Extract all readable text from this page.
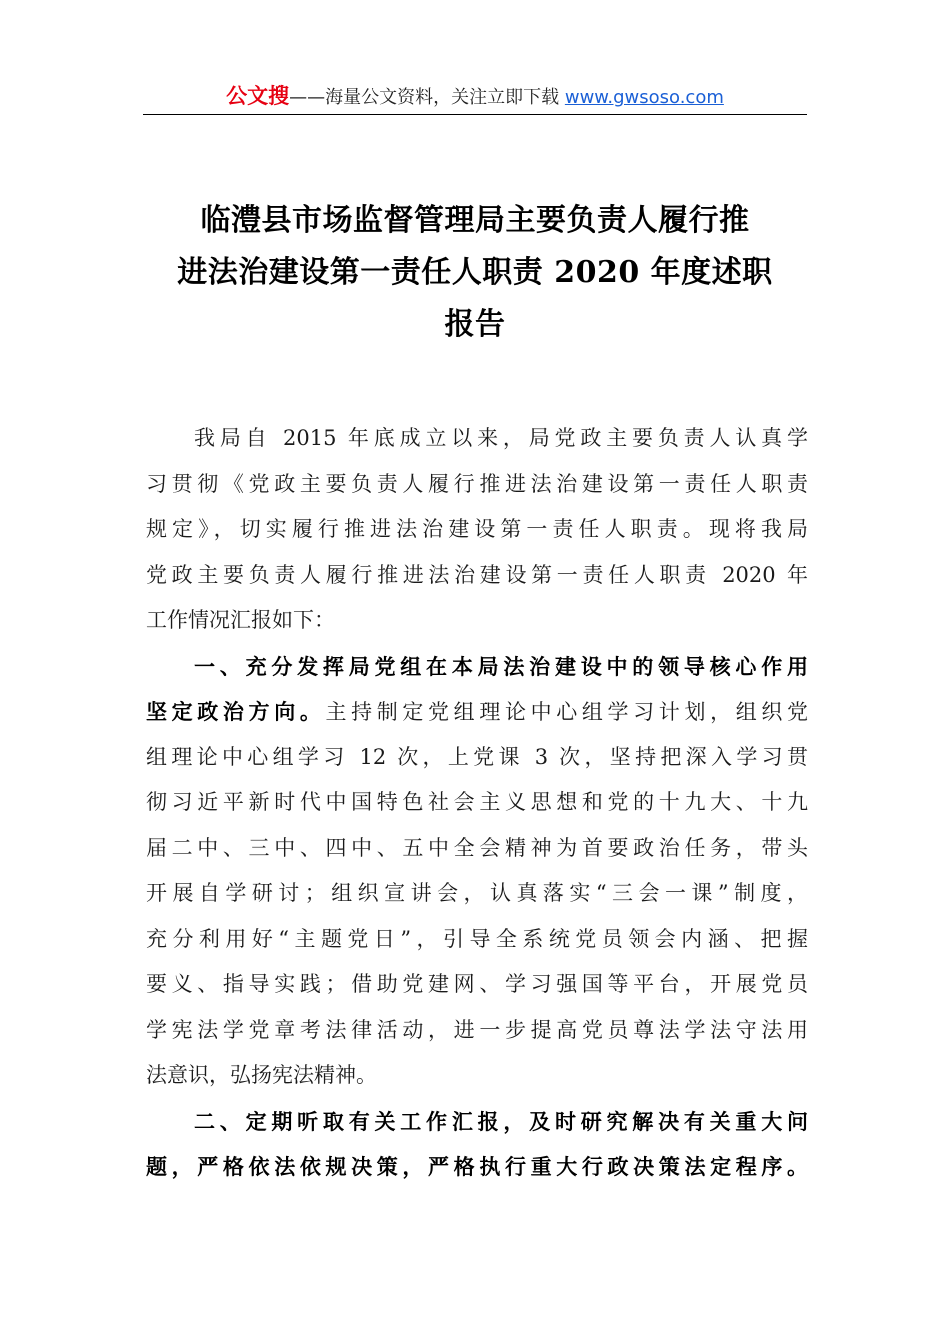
公文搜——海量公文资料，关注立即下载 www.gwsoso.com
临澧县市场监督管理局主要负责人履行推
进法治建设第一责任人职责 2020 年度述职
报告
我局自 2015 年底成立以来，局党政主要负责人认真学
习贯彻《党政主要负责人履行推进法治建设第一责任人职责
规定》，切实履行推进法治建设第一责任人职责。现将我局
党政主要负责人履行推进法治建设第一责任人职责 2020 年
工作情况汇报如下：
一、充分发挥局党组在本局法治建设中的领导核心作用
坚定政治方向。主持制定党组理论中心组学习计划，组织党
组理论中心组学习 12 次，上党课 3 次，坚持把深入学习贯
彻习近平新时代中国特色社会主义思想和党的十九大、十九
届二中、三中、四中、五中全会精神为首要政治任务，带头
开展自学研讨；组织宣讲会，认真落实“三会一课”制度，
充分利用好“主题党日”，引导全系统党员领会内涵、把握
要义、指导实践；借助党建网、学习强国等平台，开展党员
学宪法学党章考法律活动，进一步提高党员尊法学法守法用
法意识，弘扬宪法精神。
二、定期听取有关工作汇报，及时研究解决有关重大问
题，严格依法依规决策，严格执行重大行政决策法定程序。
